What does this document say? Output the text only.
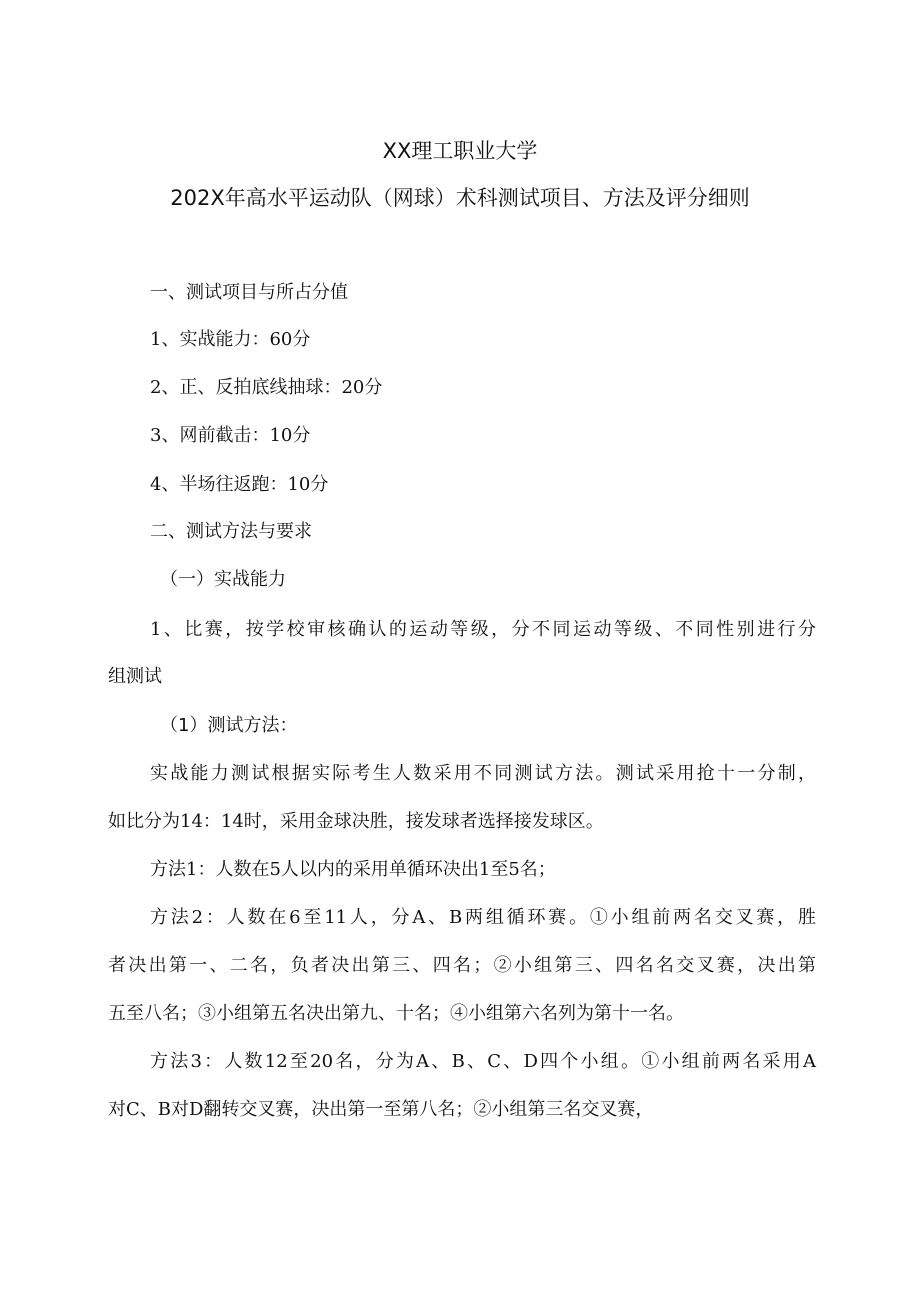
XX理工职业大学
202X年高水平运动队（网球）术科测试项目、方法及评分细则
一、测试项目与所占分值
1、实战能力：60分
2、正、反拍底线抽球：20分
3、网前截击：10分
4、半场往返跑：10分
二、测试方法与要求
（一）实战能力
1、比赛，按学校审核确认的运动等级，分不同运动等级、不同性别进行分
组测试
（1）测试方法：
实战能力测试根据实际考生人数采用不同测试方法。测试采用抢十一分制，
如比分为14：14时，采用金球决胜，接发球者选择接发球区。
方法1：人数在5人以内的采用单循环决出1至5名；
方法2：人数在6至11人，分A、B两组循环赛。①小组前两名交叉赛，胜
者决出第一、二名，负者决出第三、四名；②小组第三、四名名交叉赛，决出第
五至八名；③小组第五名决出第九、十名；④小组第六名列为第十一名。
方法3：人数12至20名，分为A、B、C、D四个小组。①小组前两名采用A
对C、B对D翻转交叉赛，决出第一至第八名；②小组第三名交叉赛，
